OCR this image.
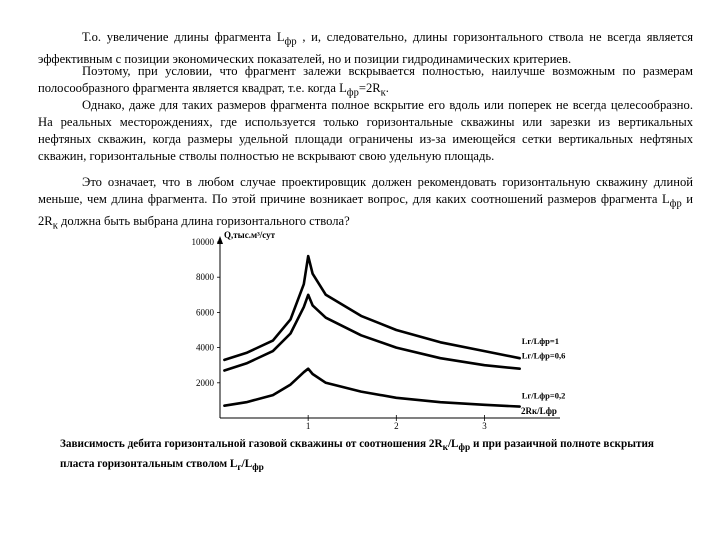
Т.о. увеличение длины фрагмента $L_{фр}$ , и, следовательно, длины горизонтального ствола не всегда является эффективным с позиции экономических показателей, но и позиции гидродинамических критериев.

Поэтому, при условии, что фрагмент залежи вскрывается полностью, наилучше возможным по размерам полосообразного фрагмента является квадрат, т.е. когда $L_{фр}=2R_к$.

Однако, даже для таких размеров фрагмента полное вскрытие его вдоль или поперек не всегда целесообразно. На реальных месторождениях, где используется только горизонтальные скважины или зарезки из вертикальных нефтяных скважин, когда размеры удельной площади ограничены из-за имеющейся сетки вертикальных нефтяных скважин, горизонтальные стволы полностью не вскрывают свою удельную площадь.

Это означает, что в любом случае проектировщик должен рекомендовать горизонтальную скважину длиной меньше, чем длина фрагмента. По этой причине возникает вопрос, для каких соотношений размеров фрагмента $L_{фр}$ и $2R_к$ должна быть выбрана длина горизонтального ствола?

10000
8000
6000
4000
2000
1	2	3
Q,тыс.м³/сут
2Rк/Lфр
Lг/Lфр=1
Lг/Lфр=0,6
Lг/Lфр=0,2

Зависимость дебита горизонтальной газовой скважины от соотношения $2R_к/L_{фр}$ и при разаичной полноте вскрытия пласта горизонтальным стволом $L_г/L_{фр}$
